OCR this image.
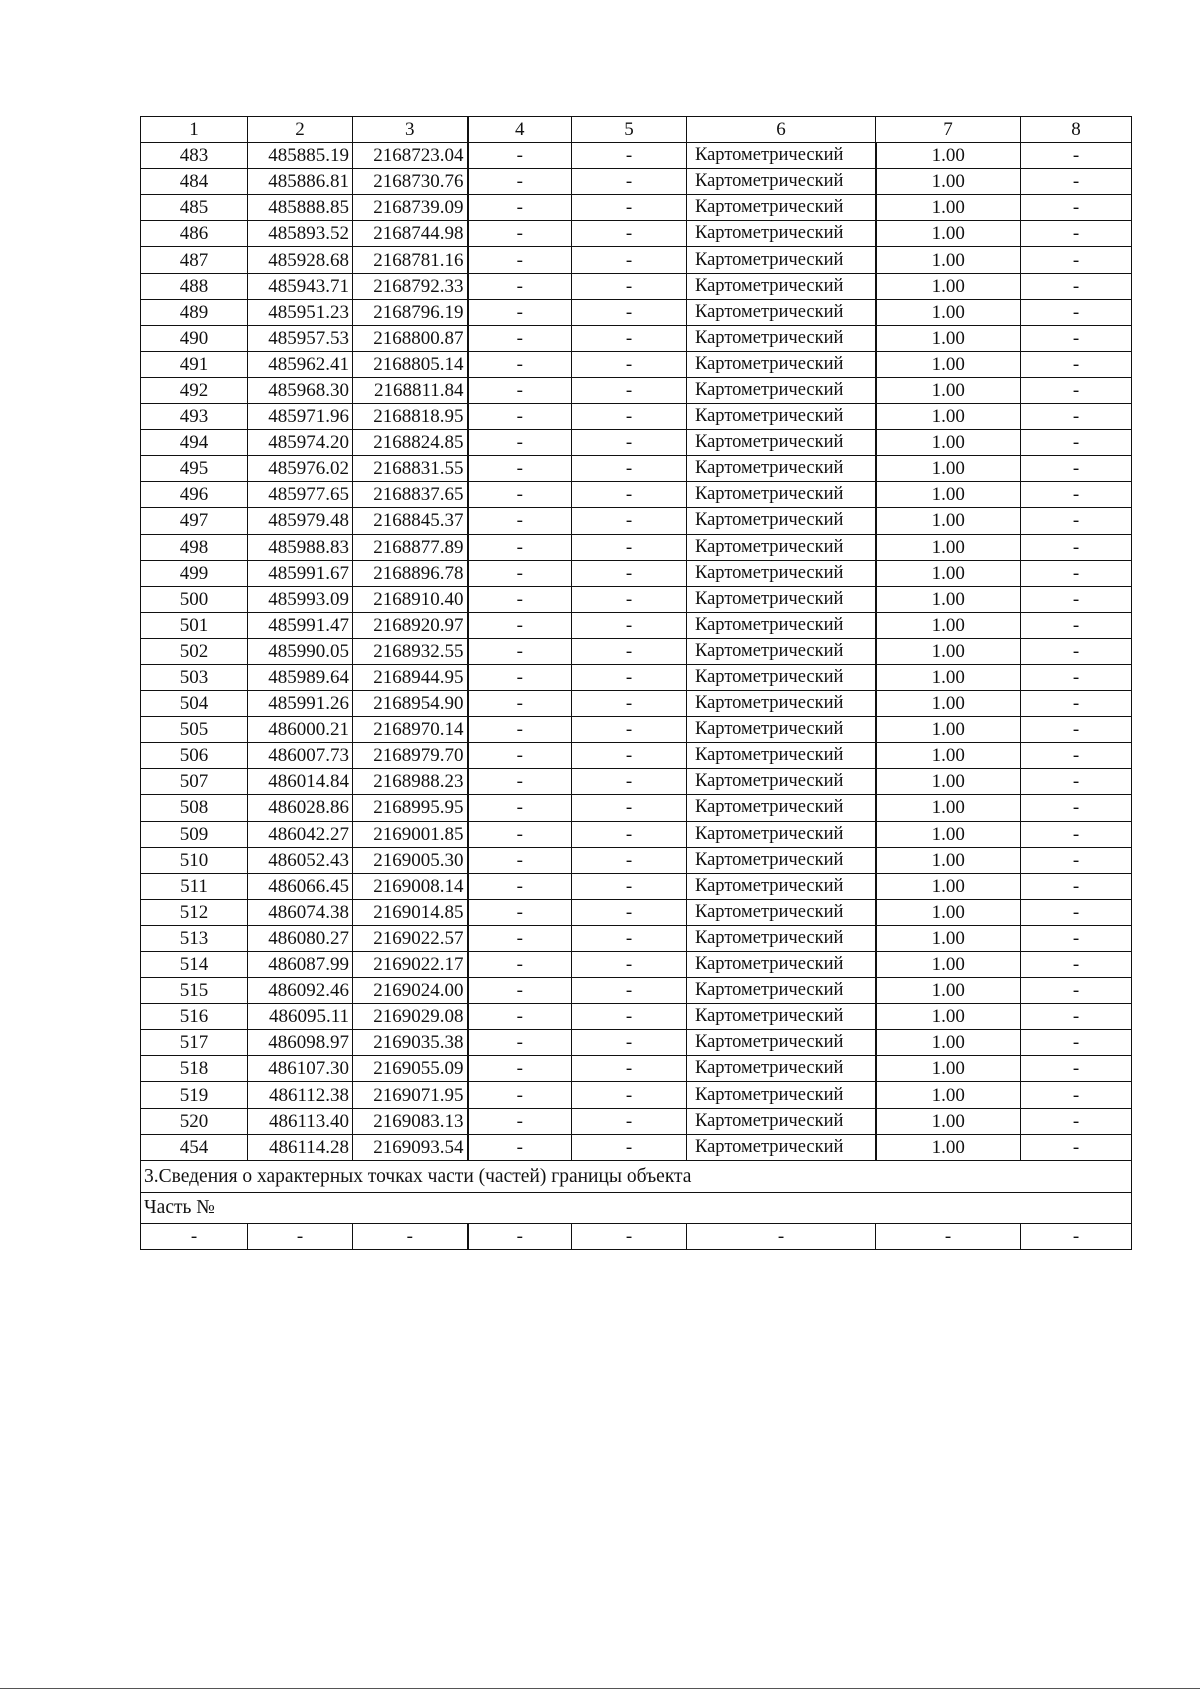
1	2	3	4	5	6	7	8
483	485885.19	2168723.04	-	-	Картометрический	1.00	-
484	485886.81	2168730.76	-	-	Картометрический	1.00	-
485	485888.85	2168739.09	-	-	Картометрический	1.00	-
486	485893.52	2168744.98	-	-	Картометрический	1.00	-
487	485928.68	2168781.16	-	-	Картометрический	1.00	-
488	485943.71	2168792.33	-	-	Картометрический	1.00	-
489	485951.23	2168796.19	-	-	Картометрический	1.00	-
490	485957.53	2168800.87	-	-	Картометрический	1.00	-
491	485962.41	2168805.14	-	-	Картометрический	1.00	-
492	485968.30	2168811.84	-	-	Картометрический	1.00	-
493	485971.96	2168818.95	-	-	Картометрический	1.00	-
494	485974.20	2168824.85	-	-	Картометрический	1.00	-
495	485976.02	2168831.55	-	-	Картометрический	1.00	-
496	485977.65	2168837.65	-	-	Картометрический	1.00	-
497	485979.48	2168845.37	-	-	Картометрический	1.00	-
498	485988.83	2168877.89	-	-	Картометрический	1.00	-
499	485991.67	2168896.78	-	-	Картометрический	1.00	-
500	485993.09	2168910.40	-	-	Картометрический	1.00	-
501	485991.47	2168920.97	-	-	Картометрический	1.00	-
502	485990.05	2168932.55	-	-	Картометрический	1.00	-
503	485989.64	2168944.95	-	-	Картометрический	1.00	-
504	485991.26	2168954.90	-	-	Картометрический	1.00	-
505	486000.21	2168970.14	-	-	Картометрический	1.00	-
506	486007.73	2168979.70	-	-	Картометрический	1.00	-
507	486014.84	2168988.23	-	-	Картометрический	1.00	-
508	486028.86	2168995.95	-	-	Картометрический	1.00	-
509	486042.27	2169001.85	-	-	Картометрический	1.00	-
510	486052.43	2169005.30	-	-	Картометрический	1.00	-
511	486066.45	2169008.14	-	-	Картометрический	1.00	-
512	486074.38	2169014.85	-	-	Картометрический	1.00	-
513	486080.27	2169022.57	-	-	Картометрический	1.00	-
514	486087.99	2169022.17	-	-	Картометрический	1.00	-
515	486092.46	2169024.00	-	-	Картометрический	1.00	-
516	486095.11	2169029.08	-	-	Картометрический	1.00	-
517	486098.97	2169035.38	-	-	Картометрический	1.00	-
518	486107.30	2169055.09	-	-	Картометрический	1.00	-
519	486112.38	2169071.95	-	-	Картометрический	1.00	-
520	486113.40	2169083.13	-	-	Картометрический	1.00	-
454	486114.28	2169093.54	-	-	Картометрический	1.00	-
3.Сведения о характерных точках части (частей) границы объекта							
Часть №							
-	-	-	-	-	-	-	-
